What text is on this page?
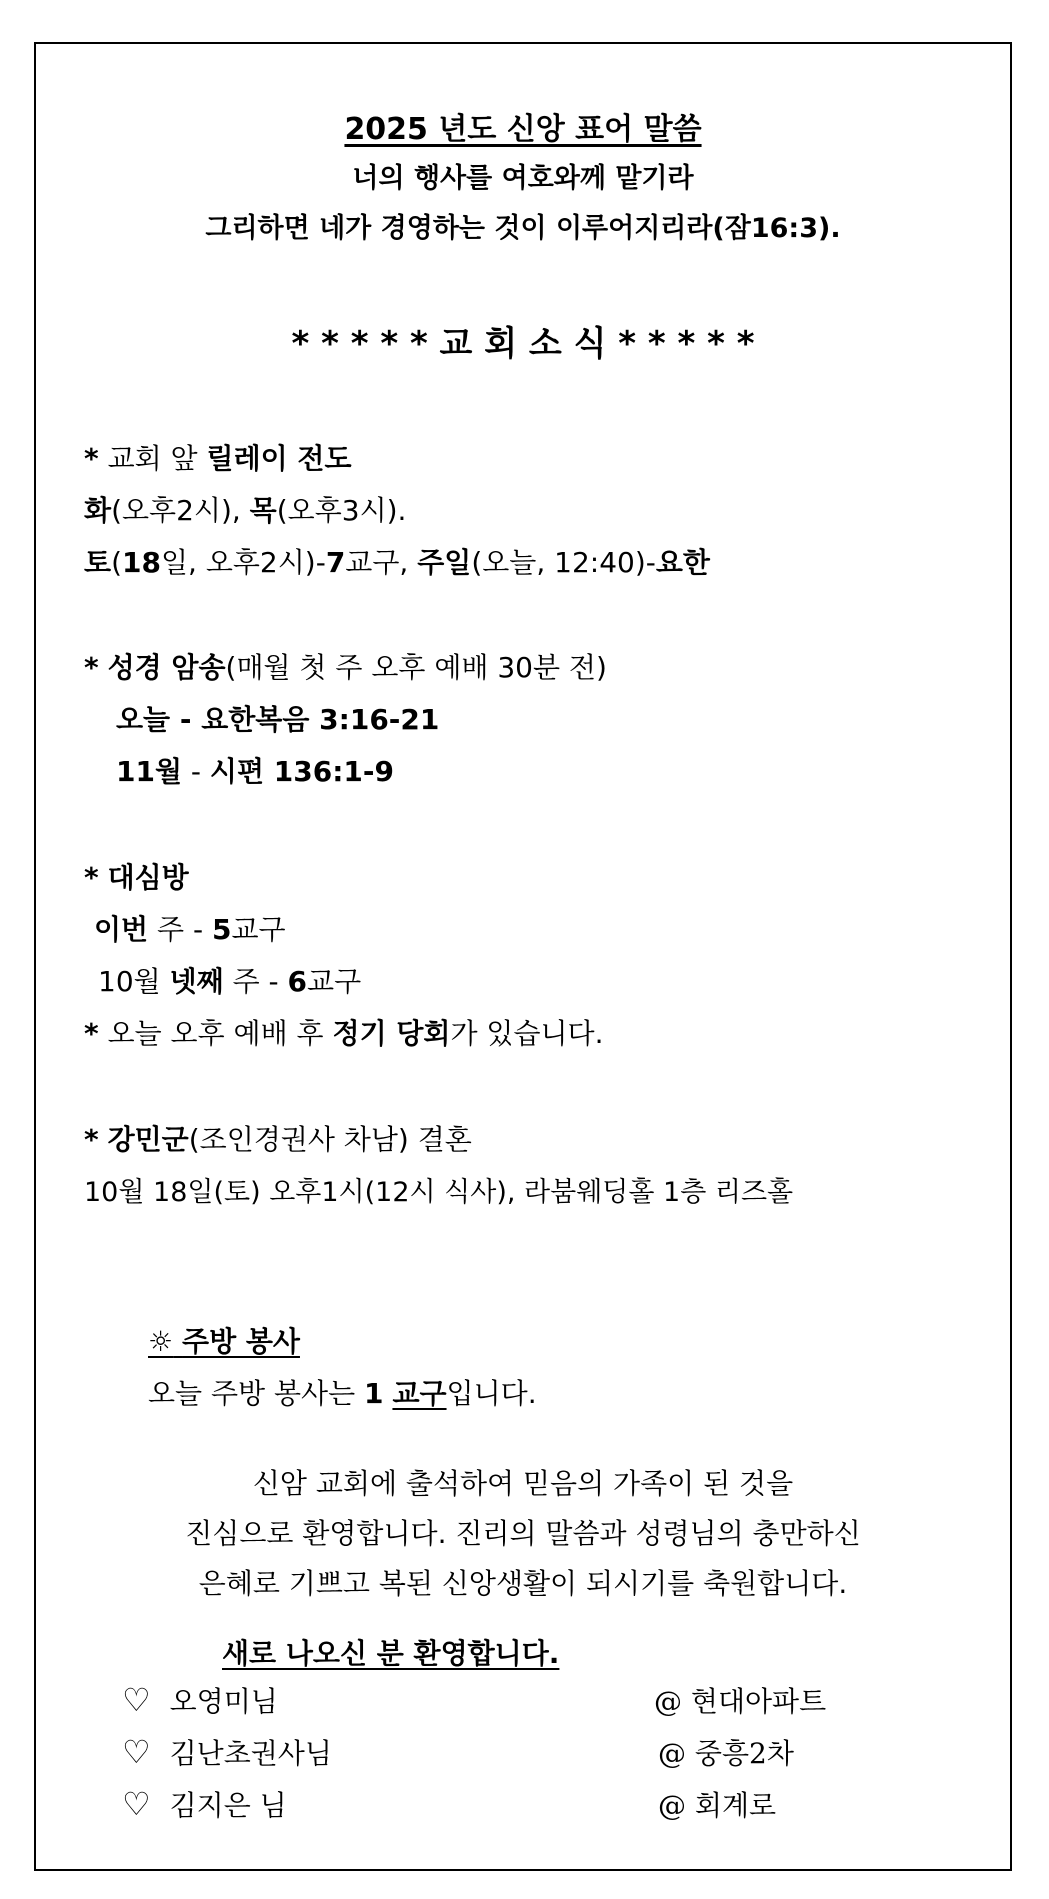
2025 년도 신앙 표어 말씀
너의 행사를 여호와께 맡기라
그리하면 네가 경영하는 것이 이루어지리라(잠16:3).
* * * * * 교 회 소 식 * * * * *
* 교회 앞 릴레이 전도
화(오후2시), 목(오후3시).
토(18일, 오후2시)-7교구, 주일(오늘, 12:40)-요한
* 성경 암송(매월 첫 주 오후 예배 30분 전)
오늘 - 요한복음 3:16-21
11월 - 시편 136:1-9
* 대심방
이번 주 - 5교구
10월 넷째 주 - 6교구
* 오늘 오후 예배 후 정기 당회가 있습니다.
* 강민군(조인경권사 차남) 결혼
10월 18일(토) 오후1시(12시 식사), 라붐웨딩홀 1층 리즈홀
☼ 주방 봉사
오늘 주방 봉사는 1 교구입니다.
신암 교회에 출석하여 믿음의 가족이 된 것을
진심으로 환영합니다. 진리의 말씀과 성령님의 충만하신
은혜로 기쁘고 복된 신앙생활이 되시기를 축원합니다.
새로 나오신 분 환영합니다.
♡ 오영미님	@ 현대아파트
♡ 김난초권사님	@ 중흥2차
♡ 김지은 님	@ 회계로
